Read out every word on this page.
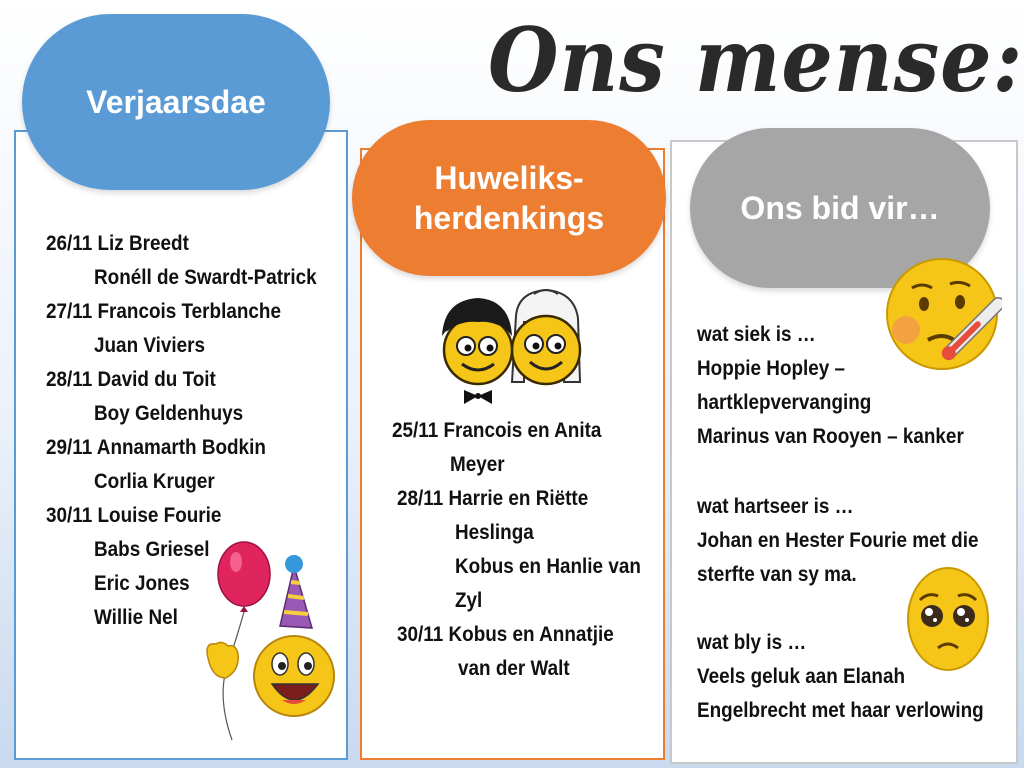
Ons mense:
Verjaarsdae
Huweliks-
herdenkings	Ons bid vir…
26/11 Liz Breedt
Ronéll de Swardt-Patrick
27/11 Francois Terblanche
Juan Viviers
28/11 David du Toit
Boy Geldenhuys
29/11 Annamarth Bodkin
Corlia Kruger
30/11 Louise Fourie
Babs Griesel
Eric Jones
Willie Nel
25/11 Francois en Anita
Meyer
28/11 Harrie en Riëtte
Heslinga
Kobus en Hanlie van
Zyl
30/11 Kobus en Annatjie
van der Walt
wat siek is …
Hoppie Hopley –
hartklepvervanging
Marinus van Rooyen – kanker
wat hartseer is …
Johan en Hester Fourie met die
sterfte van sy ma.
wat bly is …
Veels geluk aan Elanah
Engelbrecht met haar verlowing
